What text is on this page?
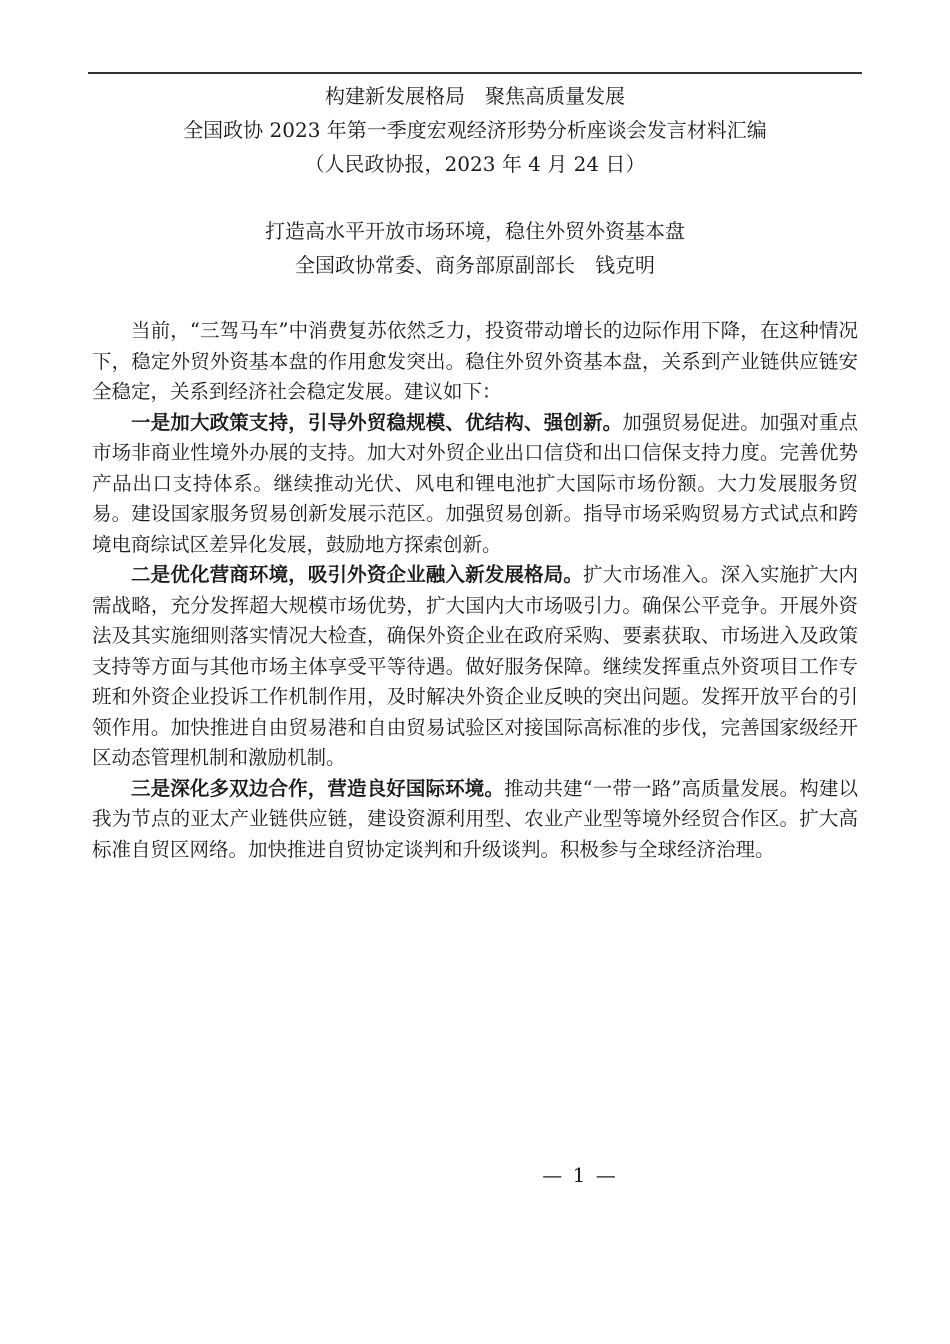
构建新发展格局　聚焦高质量发展
全国政协 2023 年第一季度宏观经济形势分析座谈会发言材料汇编
（人民政协报，2023 年 4 月 24 日）
打造高水平开放市场环境，稳住外贸外资基本盘
全国政协常委、商务部原副部长　钱克明

当前，“三驾马车”中消费复苏依然乏力，投资带动增长的边际作用下降，在这种情况下，稳定外贸外资基本盘的作用愈发突出。稳住外贸外资基本盘，关系到产业链供应链安全稳定，关系到经济社会稳定发展。建议如下：

一是加大政策支持，引导外贸稳规模、优结构、强创新。加强贸易促进。加强对重点市场非商业性境外办展的支持。加大对外贸企业出口信贷和出口信保支持力度。完善优势产品出口支持体系。继续推动光伏、风电和锂电池扩大国际市场份额。大力发展服务贸易。建设国家服务贸易创新发展示范区。加强贸易创新。指导市场采购贸易方式试点和跨境电商综试区差异化发展，鼓励地方探索创新。

二是优化营商环境，吸引外资企业融入新发展格局。扩大市场准入。深入实施扩大内需战略，充分发挥超大规模市场优势，扩大国内大市场吸引力。确保公平竞争。开展外资法及其实施细则落实情况大检查，确保外资企业在政府采购、要素获取、市场进入及政策支持等方面与其他市场主体享受平等待遇。做好服务保障。继续发挥重点外资项目工作专班和外资企业投诉工作机制作用，及时解决外资企业反映的突出问题。发挥开放平台的引领作用。加快推进自由贸易港和自由贸易试验区对接国际高标准的步伐，完善国家级经开区动态管理机制和激励机制。

三是深化多双边合作，营造良好国际环境。推动共建“一带一路”高质量发展。构建以我为节点的亚太产业链供应链，建设资源利用型、农业产业型等境外经贸合作区。扩大高标准自贸区网络。加快推进自贸协定谈判和升级谈判。积极参与全球经济治理。

— 1 —
